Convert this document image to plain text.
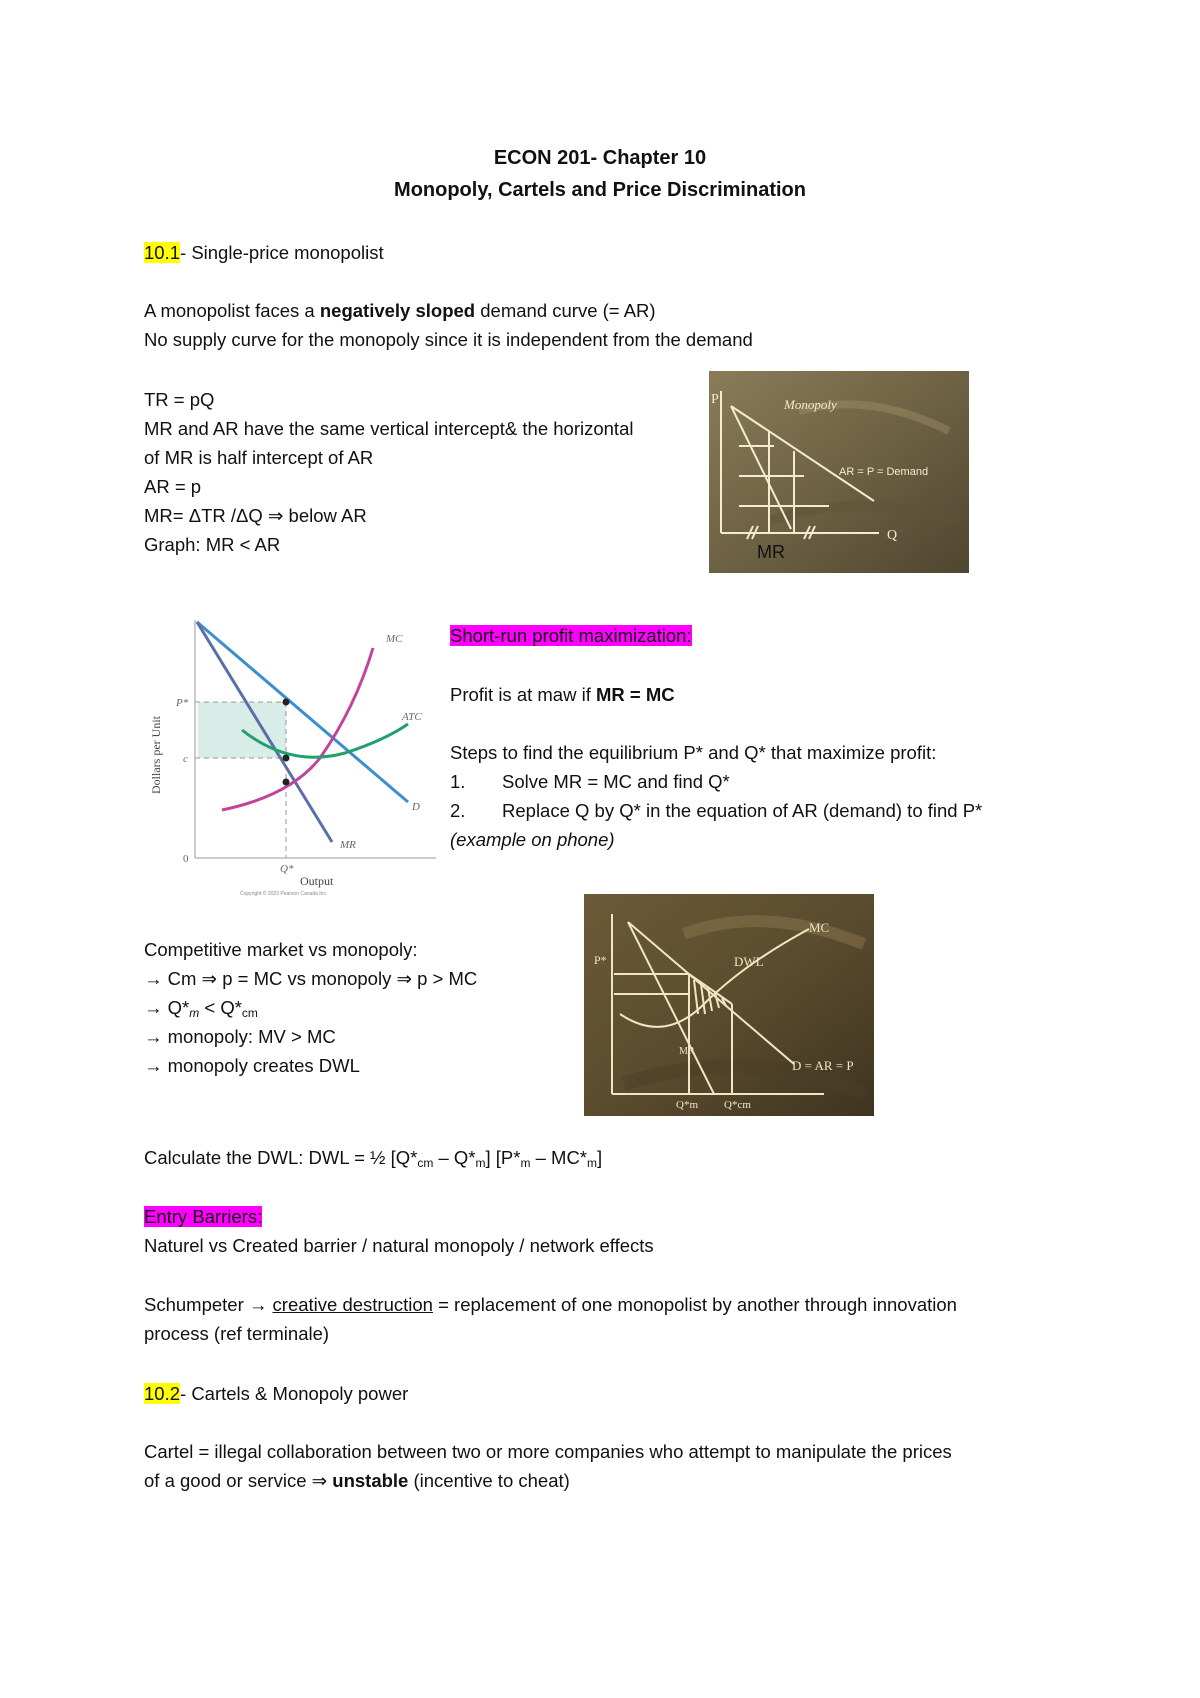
ECON 201- Chapter 10
Monopoly, Cartels and Price Discrimination
10.1- Single-price monopolist
A monopolist faces a negatively sloped demand curve (= AR)
No supply curve for the monopoly since it is independent from the demand
TR = pQ
MR and AR have the same vertical intercept& the horizontal
of MR is half intercept of AR
AR = p
MR= ΔTR /ΔQ ⇒ below AR
Graph: MR < AR
P	Monopoly
AR = P = Demand
MR
Q
MC
ATC
D
MR
P*
c
0
Q*
Output
Dollars per Unit
Copyright © 2023 Pearson Canada Inc.
Short-run profit maximization:
Profit is at maw if MR = MC
Steps to find the equilibrium P* and Q* that maximize profit:
1. Solve MR = MC and find Q*
2. Replace Q by Q* in the equation of AR (demand) to find P*
(example on phone)
P*
MC
DWL
MR
D = AR = P
Q*m Q*cm
Competitive market vs monopoly:
→ Cm ⇒ p = MC vs monopoly ⇒ p > MC
→ $Q*_m < Q*_{cm}$
→ monopoly: MV > MC
→ monopoly creates DWL
Calculate the DWL: DWL = ½ $[Q*_{cm} - Q*_m]$ $[P*_m - MC*_m]$
Entry Barriers:
Naturel vs Created barrier / natural monopoly / network effects
Schumpeter → creative destruction = replacement of one monopolist by another through innovation
process (ref terminale)
10.2- Cartels & Monopoly power
Cartel = illegal collaboration between two or more companies who attempt to manipulate the prices
of a good or service ⇒ unstable (incentive to cheat)
